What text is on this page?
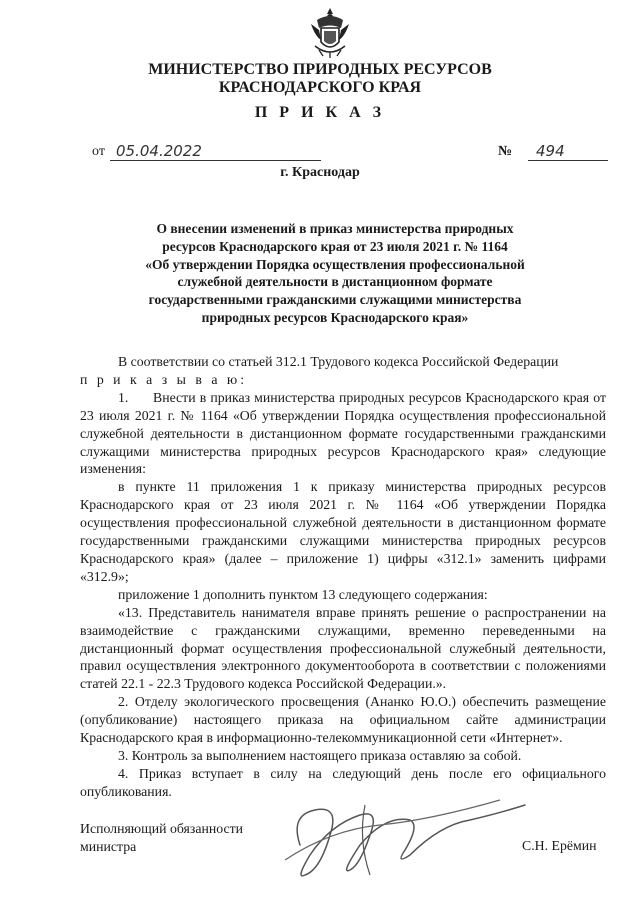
МИНИСТЕРСТВО ПРИРОДНЫХ РЕСУРСОВ
КРАСНОДАРСКОГО КРАЯ
П Р И К А З
от 05.04.2022	№	494
г. Краснодар
О внесении изменений в приказ министерства природных
ресурсов Краснодарского края от 23 июля 2021 г. № 1164
«Об утверждении Порядка осуществления профессиональной
служебной деятельности в дистанционном формате
государственными гражданскими служащими министерства
природных ресурсов Краснодарского края»

В соответствии со статьей 312.1 Трудового кодекса Российской Федерации

п р и к а з ы в а ю:

1.      Внести в приказ министерства природных ресурсов Краснодарского края от 23 июля 2021 г. № 1164 «Об утверждении Порядка осуществления профессиональной служебной деятельности в дистанционном формате государственными гражданскими служащими министерства природных ресурсов Краснодарского края» следующие изменения:

в пункте 11 приложения 1 к приказу министерства природных ресурсов Краснодарского края от 23 июля 2021 г. № 1164 «Об утверждении Порядка осуществления профессиональной служебной деятельности в дистанционном формате государственными гражданскими служащими министерства природных ресурсов Краснодарского края» (далее – приложение 1) цифры «312.1» заменить цифрами «312.9»;

приложение 1 дополнить пунктом 13 следующего содержания:

«13. Представитель нанимателя вправе принять решение о распространении на взаимодействие с гражданскими служащими, временно переведенными на дистанционный формат осуществления профессиональной служебный деятельности, правил осуществления электронного документооборота в соответствии с положениями статей 22.1 - 22.3 Трудового кодекса Российской Федерации.».

2. Отделу экологического просвещения (Ананко Ю.О.) обеспечить размещение (опубликование) настоящего приказа на официальном сайте администрации Краснодарского края в информационно-телекоммуникационной сети «Интернет».

3. Контроль за выполнением настоящего приказа оставляю за собой.

4. Приказ вступает в силу на следующий день после его официального опубликования.

Исполняющий обязанности
министра	С.Н. Ерёмин
